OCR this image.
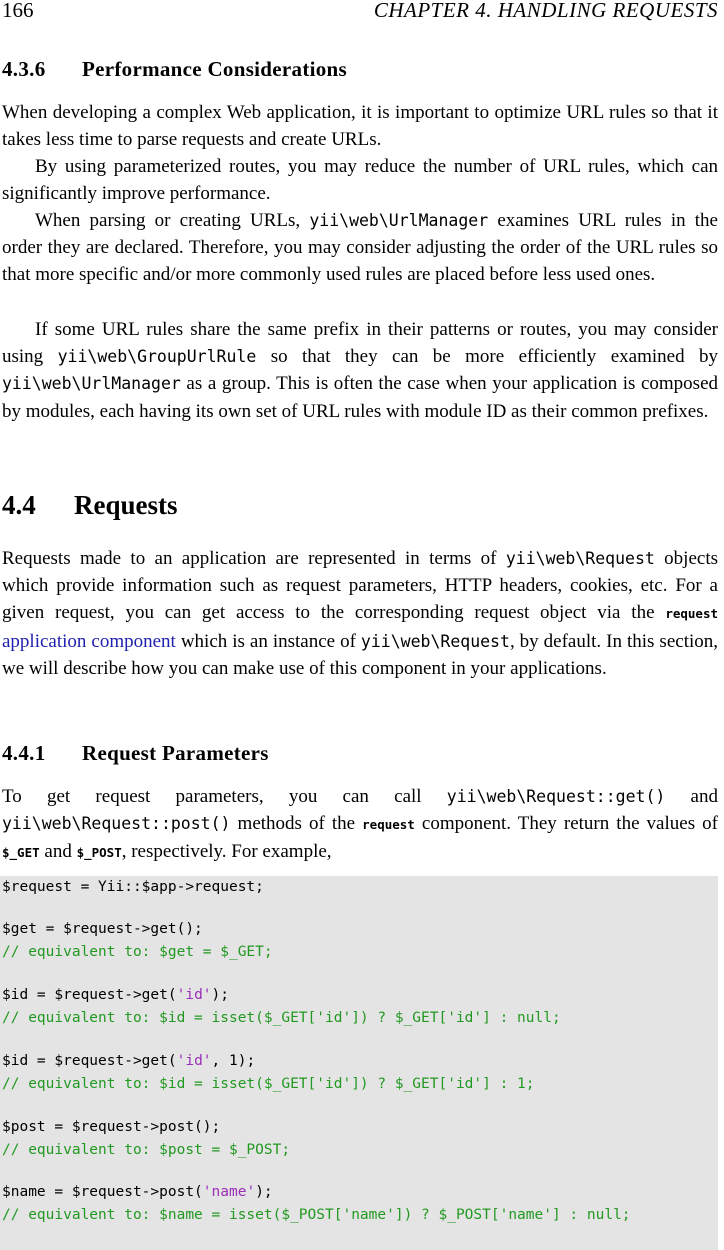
166	CHAPTER 4. HANDLING REQUESTS
4.3.6 Performance Considerations

When developing a complex Web application, it is important to optimize URL rules so that it takes less time to parse requests and create URLs.

By using parameterized routes, you may reduce the number of URL rules, which can significantly improve performance.

When parsing or creating URLs, yii\web\UrlManager examines URL rules in the order they are declared. Therefore, you may consider adjusting the order of the URL rules so that more specific and/or more commonly used rules are placed before less used ones.

If some URL rules share the same prefix in their patterns or routes, you may consider using yii\web\GroupUrlRule so that they can be more efficiently examined by yii\web\UrlManager as a group. This is often the case when your application is composed by modules, each having its own set of URL rules with module ID as their common prefixes.

4.4 Requests

Requests made to an application are represented in terms of yii\web\Request objects which provide information such as request parameters, HTTP headers, cookies, etc. For a given request, you can get access to the corresponding request object via the request application component which is an instance of yii\web\Request, by default. In this section, we will describe how you can make use of this component in your applications.

4.4.1 Request Parameters

To get request parameters, you can call yii\web\Request::get() and yii\web\Request::post() methods of the request component. They return the values of $_GET and $_POST, respectively. For example,

$request = Yii::$app->request;
$get = $request->get();
// equivalent to: $get = $_GET;
$id = $request->get('id');
// equivalent to: $id = isset($_GET['id']) ? $_GET['id'] : null;
$id = $request->get('id', 1);
// equivalent to: $id = isset($_GET['id']) ? $_GET['id'] : 1;
$post = $request->post();
// equivalent to: $post = $_POST;
$name = $request->post('name');
// equivalent to: $name = isset($_POST['name']) ? $_POST['name'] : null;
